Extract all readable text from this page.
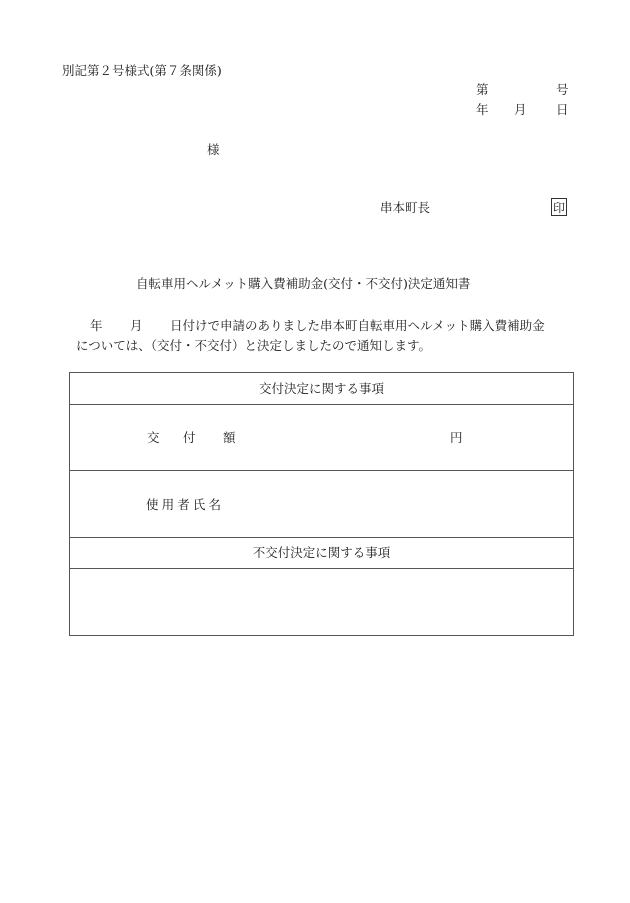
別記第２号様式(第７条関係)
第	号
年 月 日
様
串本町長	印
自転車用ヘルメット購入費補助金(交付・不交付)決定通知書
年 月 日付けで申請のありました串本町自転車用ヘルメット購入費補助金
については、（交付・不交付）と決定しましたので通知します。
交付決定に関する事項
交 付 額	円
使用者氏名
不交付決定に関する事項
